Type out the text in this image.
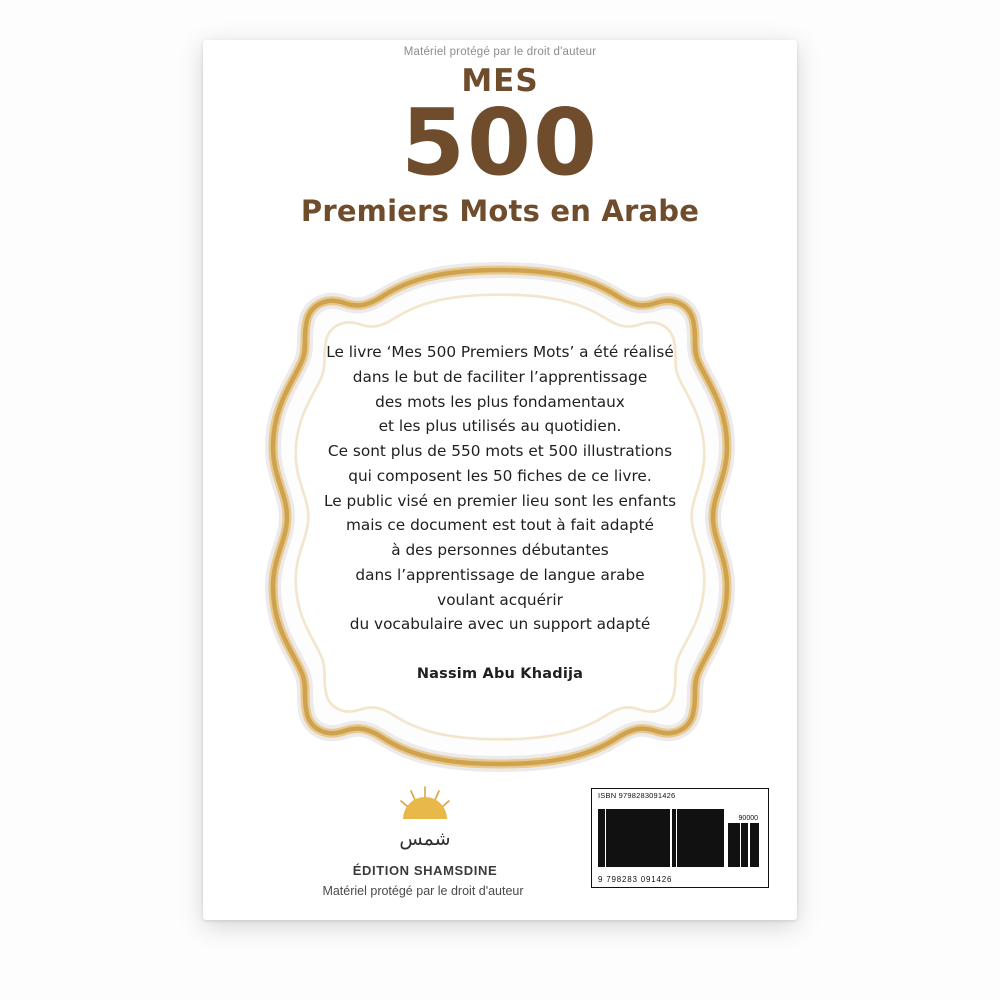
Matériel protégé par le droit d'auteur
MES
500
Premiers Mots en Arabe
Le livre ʻMes 500 Premiers Mots’ a été réalisé
dans le but de faciliter l’apprentissage
des mots les plus fondamentaux
et les plus utilisés au quotidien.
Ce sont plus de 550 mots et 500 illustrations
qui composent les 50 fiches de ce livre.
Le public visé en premier lieu sont les enfants
mais ce document est tout à fait adapté
à des personnes débutantes
dans l’apprentissage de langue arabe
voulant acquérir
du vocabulaire avec un support adapté
Nassim Abu Khadija
شمس
ÉDITION SHAMSDINE
Matériel protégé par le droit d'auteur
ISBN 9798283091426
90000
9 798283 091426
